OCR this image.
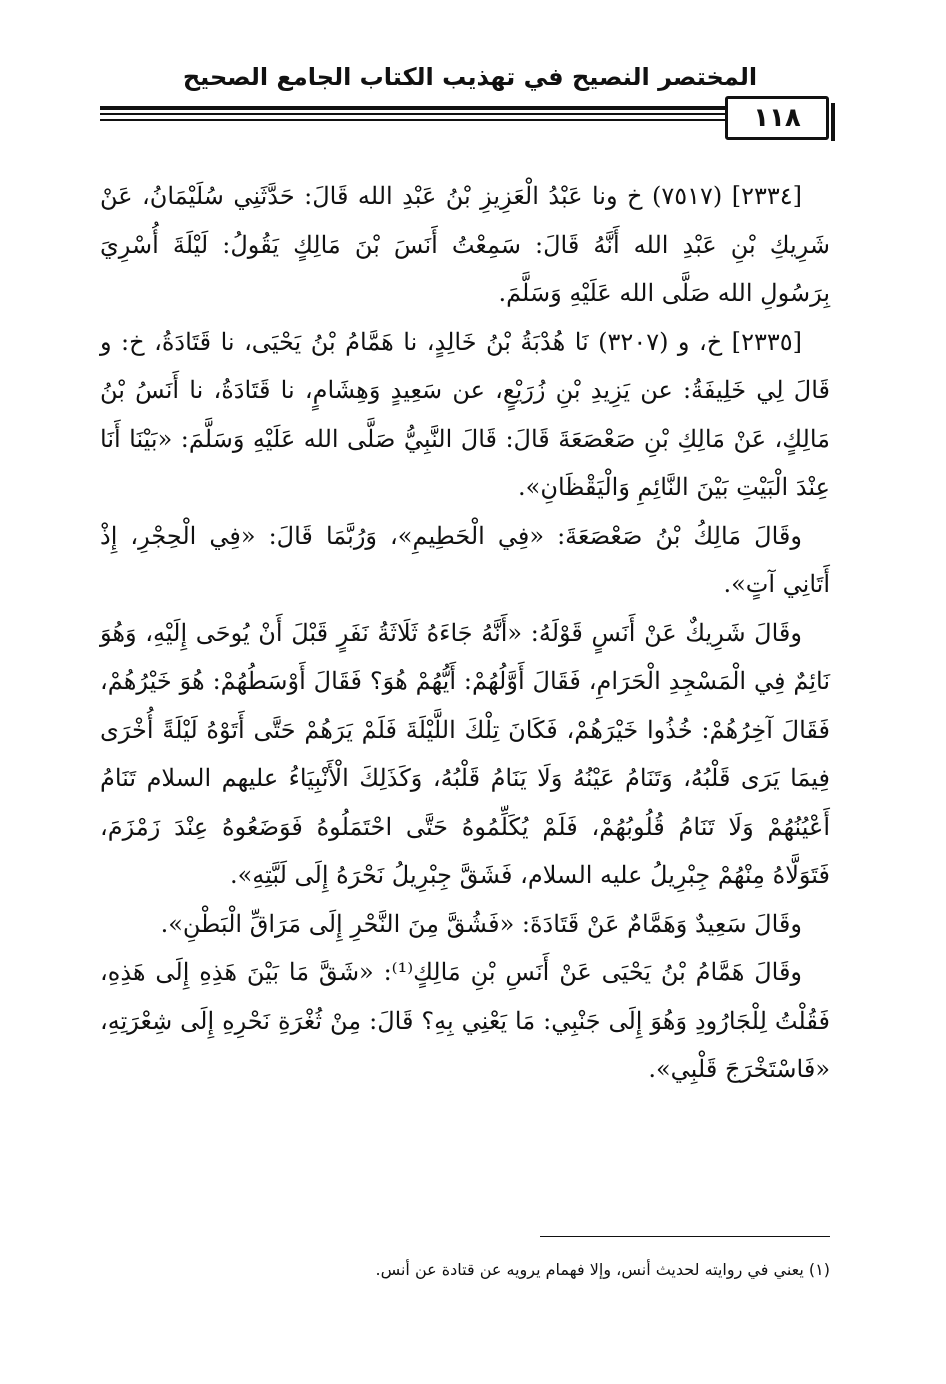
المختصر النصيح في تهذيب الكتاب الجامع الصحيح
١١٨

[٢٣٣٤] (٧٥١٧) خ ونا عَبْدُ الْعَزِيزِ بْنُ عَبْدِ الله قَالَ: حَدَّثَنِي سُلَيْمَانُ، عَنْ شَرِيكِ بْنِ عَبْدِ الله أَنَّهُ قَالَ: سَمِعْتُ أَنَسَ بْنَ مَالِكٍ يَقُولُ: لَيْلَةَ أُسْرِيَ بِرَسُولِ الله صَلَّى الله عَلَيْهِ وَسَلَّمَ.

[٢٣٣٥] خ، و (٣٢٠٧) نَا هُدْبَةُ بْنُ خَالِدٍ، نا هَمَّامُ بْنُ يَحْيَى، نا قَتَادَةُ، خ: و قَالَ لِي خَلِيفَةُ: عن يَزِيدِ بْنِ زُرَيْعٍ، عن سَعِيدٍ وَهِشَامٍ، نا قَتَادَةُ، نا أَنَسُ بْنُ مَالِكٍ، عَنْ مَالِكِ بْنِ صَعْصَعَةَ قَالَ: قَالَ النَّبِيُّ صَلَّى الله عَلَيْهِ وَسَلَّمَ: «بَيْنَا أَنَا عِنْدَ الْبَيْتِ بَيْنَ النَّائِمِ وَالْيَقْظَانِ».

وقَالَ مَالِكُ بْنُ صَعْصَعَةَ: «فِي الْحَطِيمِ»، وَرُبَّمَا قَالَ: «فِي الْحِجْرِ، إِذْ أَتَانِي آتٍ».

وقَالَ شَرِيكٌ عَنْ أَنَسٍ قَوْلَهُ: «أَنَّهُ جَاءَهُ ثَلَاثَةُ نَفَرٍ قَبْلَ أَنْ يُوحَى إِلَيْهِ، وَهُوَ نَائِمٌ فِي الْمَسْجِدِ الْحَرَامِ، فَقَالَ أَوَّلُهُمْ: أَيُّهُمْ هُوَ؟ فَقَالَ أَوْسَطُهُمْ: هُوَ خَيْرُهُمْ، فَقَالَ آخِرُهُمْ: خُذُوا خَيْرَهُمْ، فَكَانَ تِلْكَ اللَّيْلَةَ فَلَمْ يَرَهُمْ حَتَّى أَتَوْهُ لَيْلَةً أُخْرَى فِيمَا يَرَى قَلْبُهُ، وَتَنَامُ عَيْنُهُ وَلَا يَنَامُ قَلْبُهُ، وَكَذَلِكَ الْأَنْبِيَاءُ عليهم السلام تَنَامُ أَعْيُنُهُمْ وَلَا تَنَامُ قُلُوبُهُمْ، فَلَمْ يُكَلِّمُوهُ حَتَّى احْتَمَلُوهُ فَوَضَعُوهُ عِنْدَ زَمْزَمَ، فَتَوَلَّاهُ مِنْهُمْ جِبْرِيلُ عليه السلام، فَشَقَّ جِبْرِيلُ نَحْرَهُ إِلَى لَبَّتِهِ».

وقَالَ سَعِيدٌ وَهَمَّامٌ عَنْ قَتَادَةَ: «فَشُقَّ مِنَ النَّحْرِ إِلَى مَرَاقِّ الْبَطْنِ».

وقَالَ هَمَّامُ بْنُ يَحْيَى عَنْ أَنَسِ بْنِ مَالِكٍ⁽¹⁾: «شَقَّ مَا بَيْنَ هَذِهِ إِلَى هَذِهِ، فَقُلْتُ لِلْجَارُودِ وَهُوَ إِلَى جَنْبِي: مَا يَعْنِي بِهِ؟ قَالَ: مِنْ ثُغْرَةِ نَحْرِهِ إِلَى شِعْرَتِهِ، «فَاسْتَخْرَجَ قَلْبِي».

(١) يعني في روايته لحديث أنس، وإلا فهمام يرويه عن قتادة عن أنس.
